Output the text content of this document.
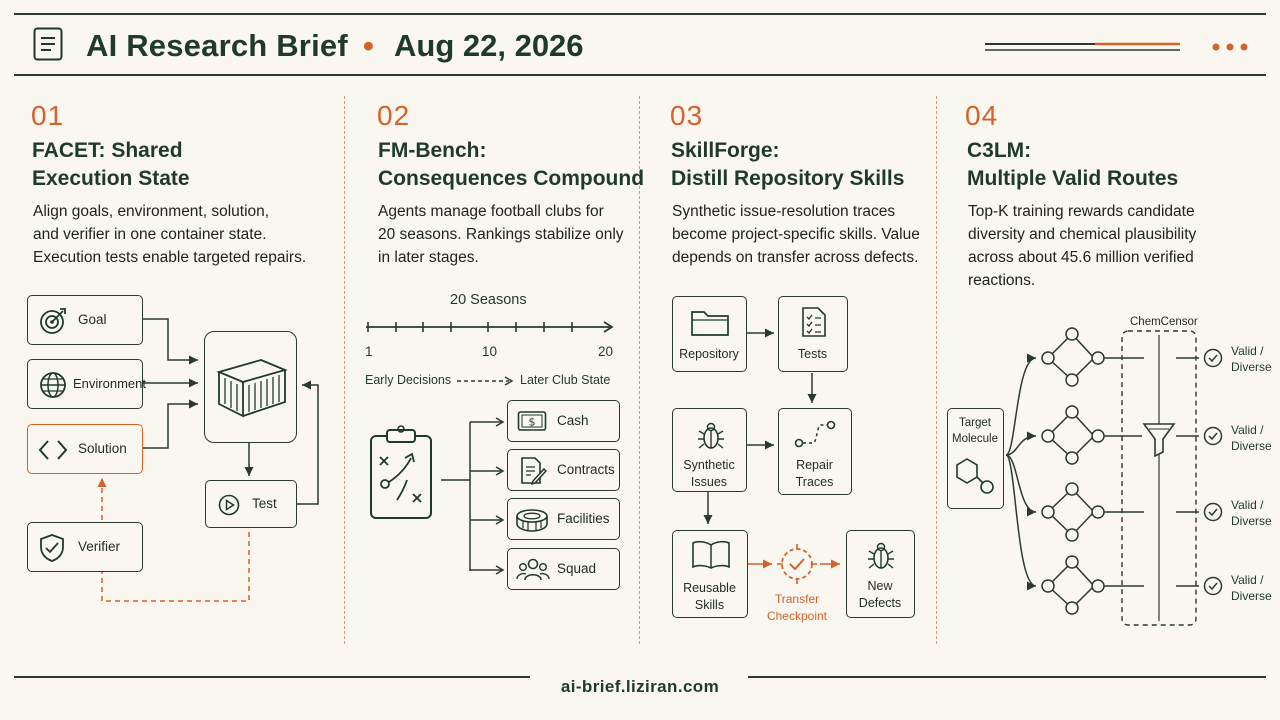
AI Research Brief • Aug 22, 2026
01
FACET: Shared
Execution State
Align goals, environment, solution,
and verifier in one container state.
Execution tests enable targeted repairs.
Goal
Environment
Solution
Verifier
Test
02
FM-Bench:
Consequences Compound
Agents manage football clubs for
20 seasons. Rankings stabilize only
in later stages.
20 Seasons
1	10	20
Early Decisions	Later Club State
$ Cash
Contracts
Facilities
Squad
03
SkillForge:
Distill Repository Skills
Synthetic issue-resolution traces
become project-specific skills. Value
depends on transfer across defects.
Repository	Tests
Synthetic
Issues
Repair
Traces
Reusable
Skills	Transfer
Checkpoint
New
Defects
04
C3LM:
Multiple Valid Routes
Top-K training rewards candidate
diversity and chemical plausibility
across about 45.6 million verified
reactions.
Target
Molecule
ChemCensor
Valid /
Diverse
Valid /
Diverse
Valid /
Diverse
Valid /
Diverse
ai-brief.liziran.com
